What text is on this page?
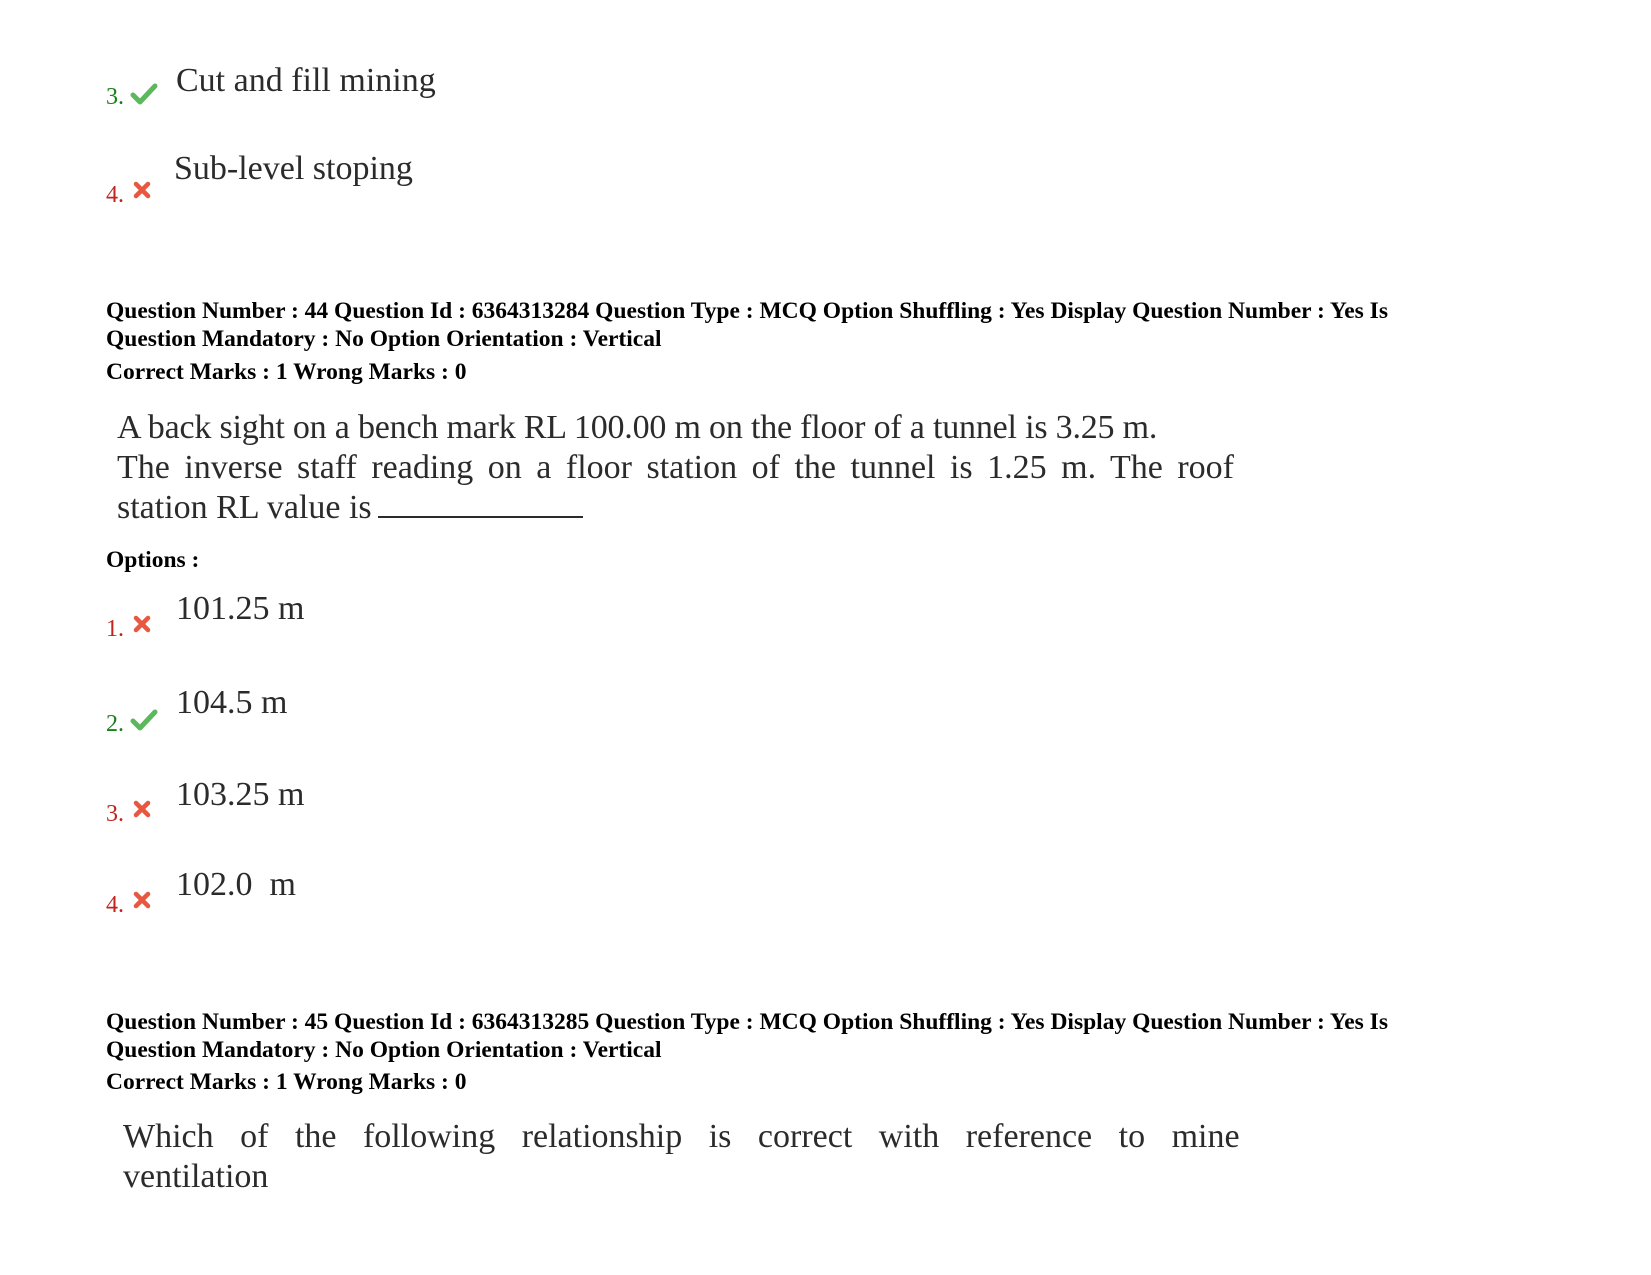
3. Cut and fill mining
4.
Sub-level stoping
Question Number : 44 Question Id : 6364313284 Question Type : MCQ Option Shuffling : Yes Display Question Number : Yes Is
Question Mandatory : No Option Orientation : Vertical
Correct Marks : 1 Wrong Marks : 0
A back sight on a bench mark RL 100.00 m on the floor of a tunnel is 3.25 m.
The inverse staff reading on a floor station of the tunnel is 1.25 m. The roof
station RL value is
Options :
1.
101.25 m
2.
104.5 m
3.
103.25 m
4.
102.0  m
Question Number : 45 Question Id : 6364313285 Question Type : MCQ Option Shuffling : Yes Display Question Number : Yes Is
Question Mandatory : No Option Orientation : Vertical
Correct Marks : 1 Wrong Marks : 0
Which of the following relationship is correct with reference to mine
ventilation
